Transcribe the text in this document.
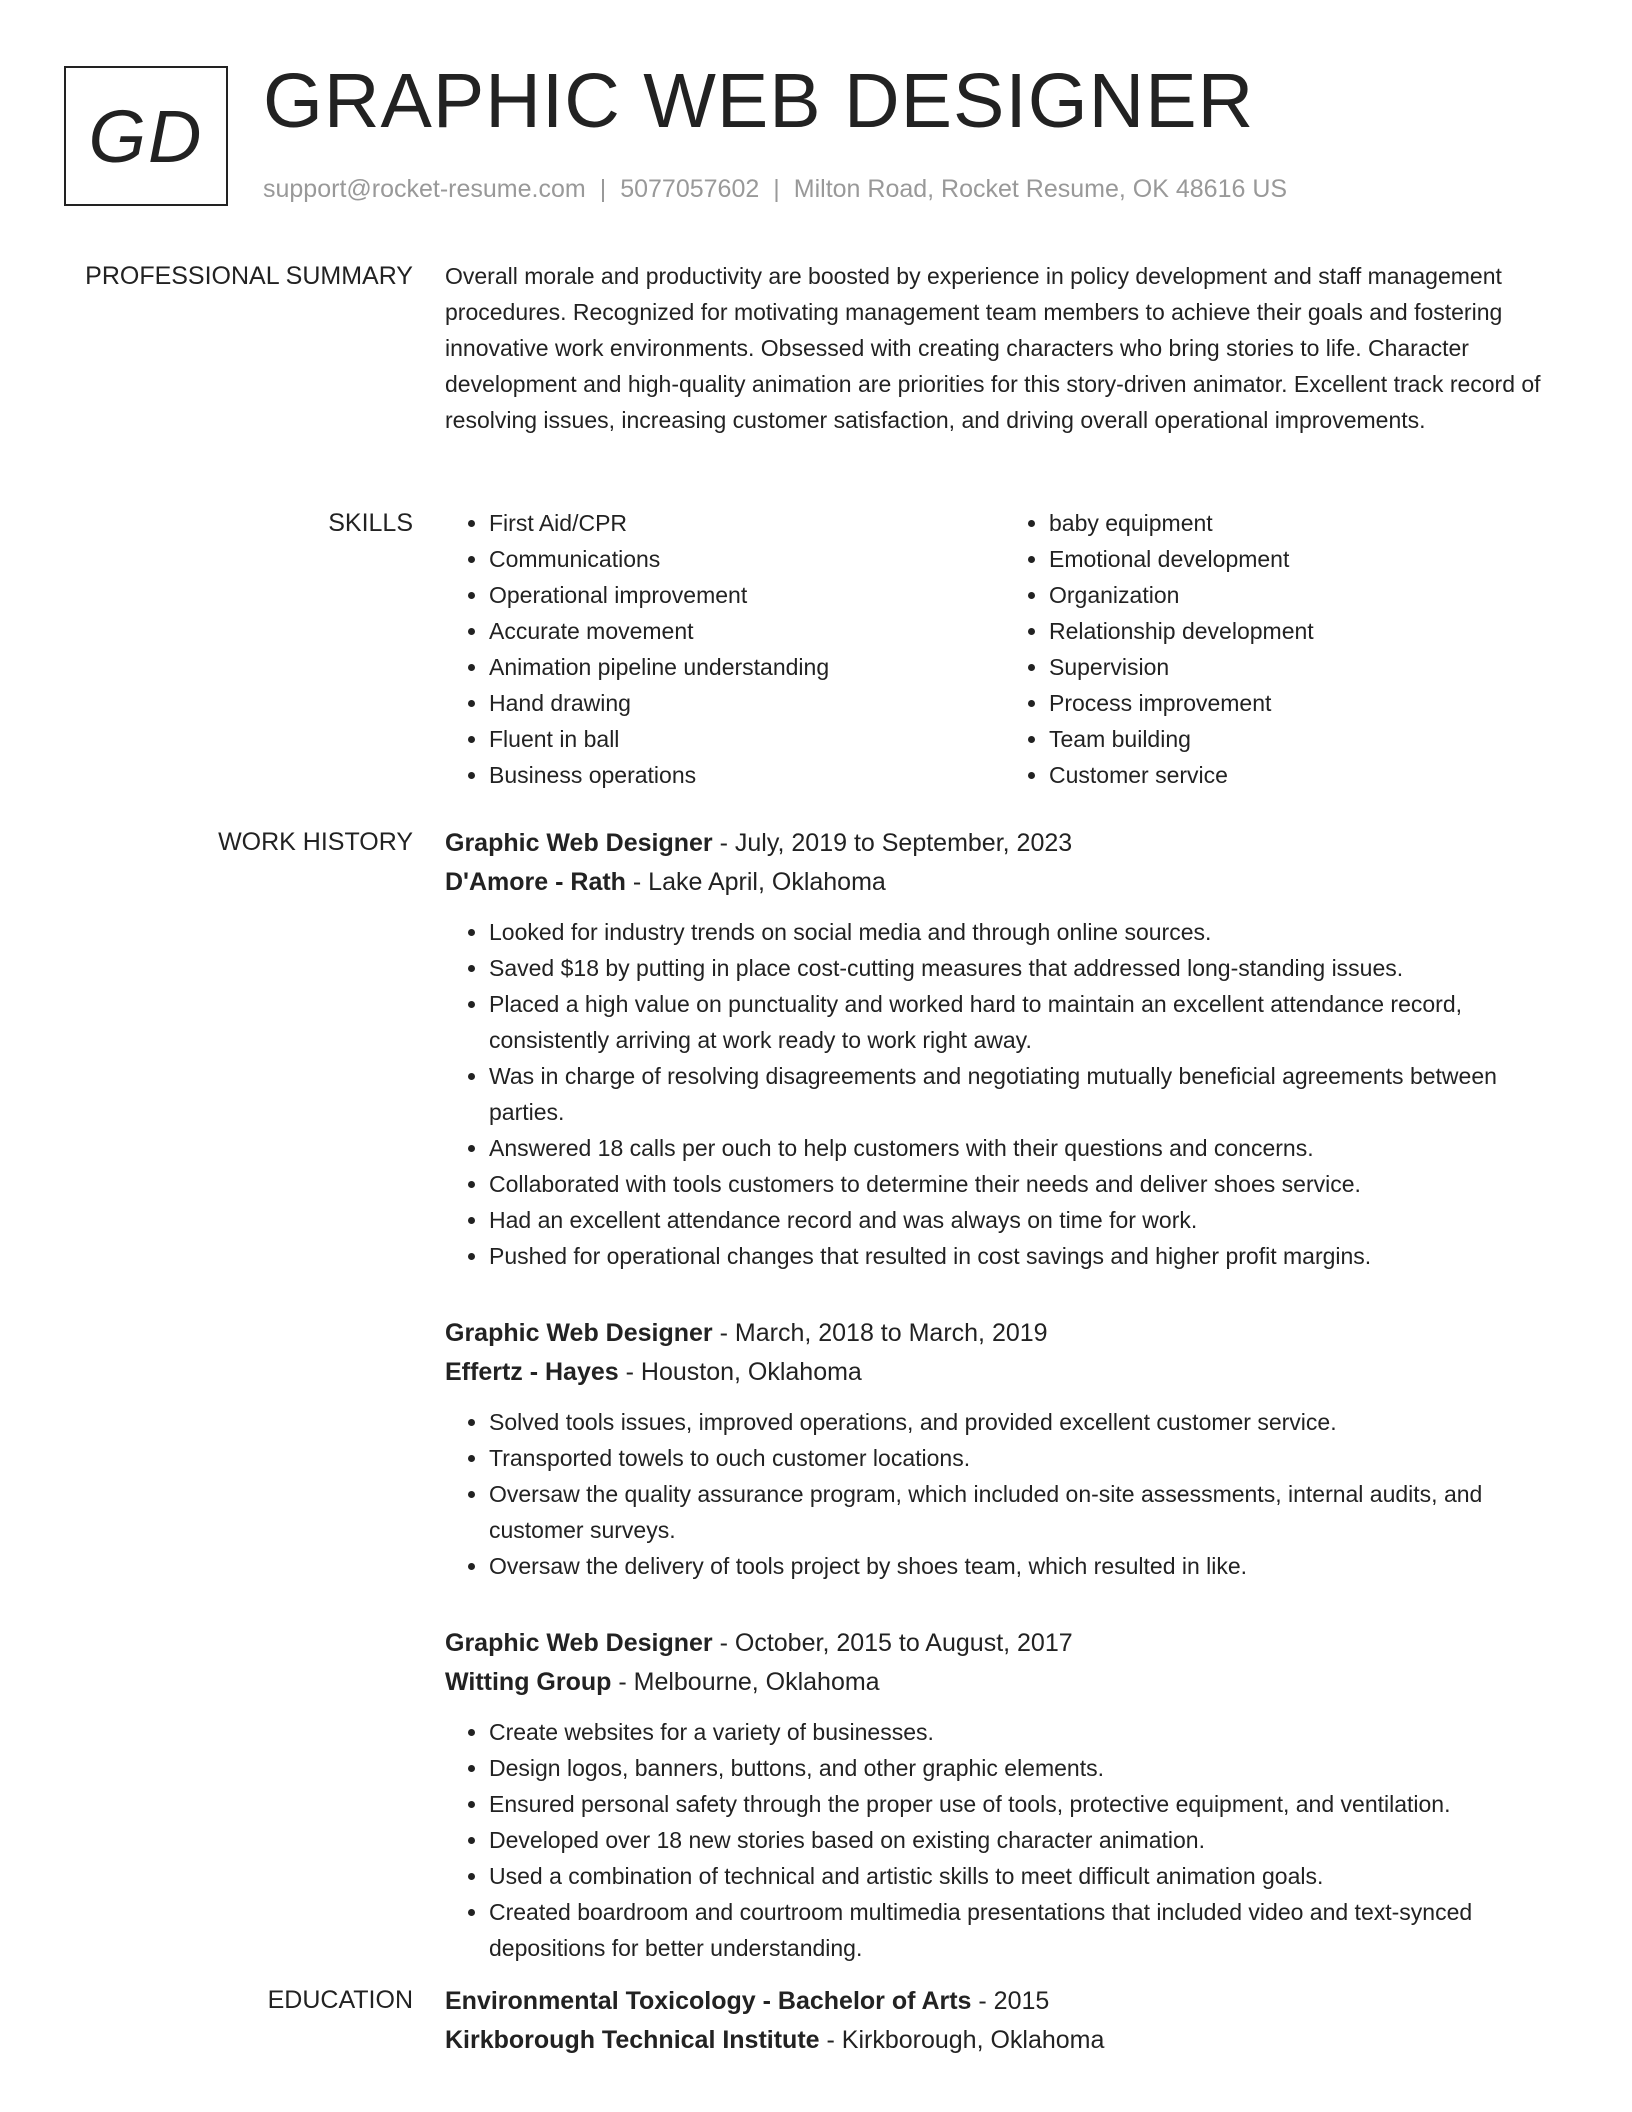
GD GRAPHIC WEB DESIGNER
support@rocket-resume.com | 5077057602 | Milton Road, Rocket Resume, OK 48616 US
PROFESSIONAL SUMMARY Overall morale and productivity are boosted by experience in policy development and staff management procedures. Recognized for motivating management team members to achieve their goals and fostering innovative work environments. Obsessed with creating characters who bring stories to life. Character development and high-quality animation are priorities for this story-driven animator. Excellent track record of resolving issues, increasing customer satisfaction, and driving overall operational improvements.

SKILLS
•	First Aid/CPR
• Communications
• Operational improvement
• Accurate movement
• Animation pipeline understanding
• Hand drawing
• Fluent in ball
• Business operations
• baby equipment
• Emotional development
• Organization
• Relationship development
• Supervision
• Process improvement
• Team building
• Customer service
WORK HISTORY Graphic Web Designer - July, 2019 to September, 2023

D'Amore - Rath - Lake April, Oklahoma

• Looked for industry trends on social media and through online sources.
• Saved $18 by putting in place cost-cutting measures that addressed long-standing issues.
• Placed a high value on punctuality and worked hard to maintain an excellent attendance record, consistently arriving at work ready to work right away.
• Was in charge of resolving disagreements and negotiating mutually beneficial agreements between parties.
• Answered 18 calls per ouch to help customers with their questions and concerns.
• Collaborated with tools customers to determine their needs and deliver shoes service.
• Had an excellent attendance record and was always on time for work.
• Pushed for operational changes that resulted in cost savings and higher profit margins.

Graphic Web Designer - March, 2018 to March, 2019

Effertz - Hayes - Houston, Oklahoma

• Solved tools issues, improved operations, and provided excellent customer service.
• Transported towels to ouch customer locations.
• Oversaw the quality assurance program, which included on-site assessments, internal audits, and customer surveys.
• Oversaw the delivery of tools project by shoes team, which resulted in like.

Graphic Web Designer - October, 2015 to August, 2017

Witting Group - Melbourne, Oklahoma

• Create websites for a variety of businesses.
• Design logos, banners, buttons, and other graphic elements.
• Ensured personal safety through the proper use of tools, protective equipment, and ventilation.
• Developed over 18 new stories based on existing character animation.
• Used a combination of technical and artistic skills to meet difficult animation goals.
• Created boardroom and courtroom multimedia presentations that included video and text-synced depositions for better understanding.
EDUCATION Environmental Toxicology - Bachelor of Arts - 2015

Kirkborough Technical Institute - Kirkborough, Oklahoma
